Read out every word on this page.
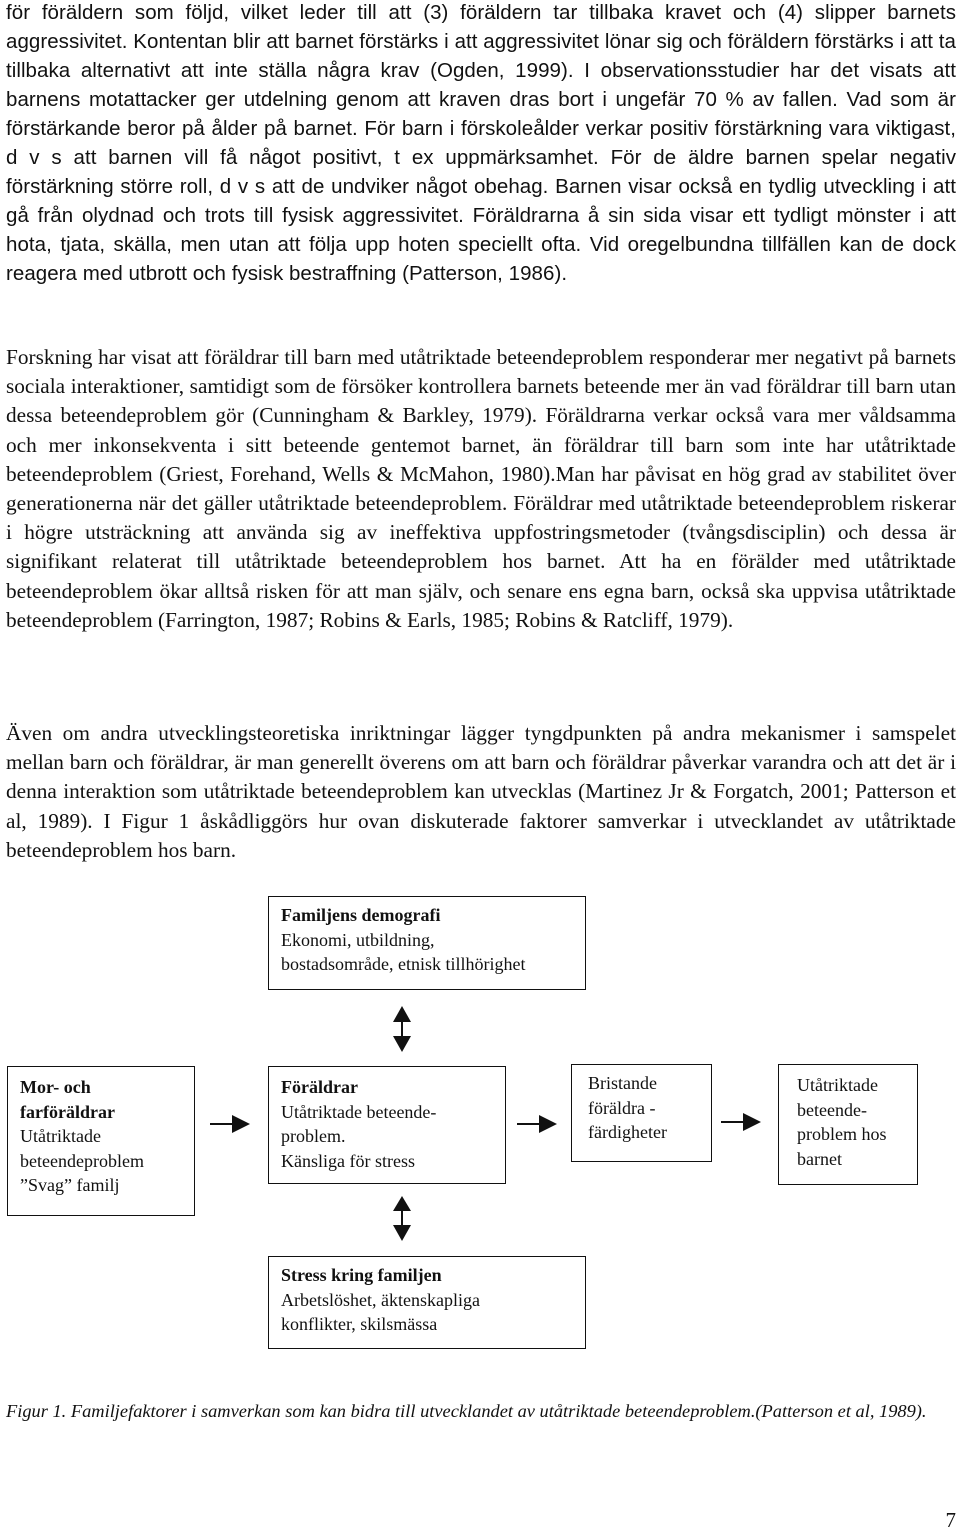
för föräldern som följd, vilket leder till att (3) föräldern tar tillbaka kravet och (4) slipper barnets aggressivitet. Kontentan blir att barnet förstärks i att aggressivitet lönar sig och föräldern förstärks i att ta tillbaka alternativt att inte ställa några krav (Ogden, 1999). I observationsstudier har det visats att barnens motattacker ger utdelning genom att kraven dras bort i ungefär 70 % av fallen. Vad som är förstärkande beror på ålder på barnet. För barn i förskoleålder verkar positiv förstärkning vara viktigast, d v s att barnen vill få något positivt, t ex uppmärksamhet. För de äldre barnen spelar negativ förstärkning större roll, d v s att de undviker något obehag. Barnen visar också en tydlig utveckling i att gå från olydnad och trots till fysisk aggressivitet. Föräldrarna å sin sida visar ett tydligt mönster i att hota, tjata, skälla, men utan att följa upp hoten speciellt ofta. Vid oregelbundna tillfällen kan de dock reagera med utbrott och fysisk bestraffning (Patterson, 1986).

Forskning har visat att föräldrar till barn med utåtriktade beteendeproblem responderar mer negativt på barnets sociala interaktioner, samtidigt som de försöker kontrollera barnets beteende mer än vad föräldrar till barn utan dessa beteendeproblem gör (Cunningham & Barkley, 1979). Föräldrarna verkar också vara mer våldsamma och mer inkonsekventa i sitt beteende gentemot barnet, än föräldrar till barn som inte har utåtriktade beteendeproblem (Griest, Forehand, Wells & McMahon, 1980).Man har påvisat en hög grad av stabilitet över generationerna när det gäller utåtriktade beteendeproblem. Föräldrar med utåtriktade beteendeproblem riskerar i högre utsträckning att använda sig av ineffektiva uppfostringsmetoder (tvångsdisciplin) och dessa är signifikant relaterat till utåtriktade beteendeproblem hos barnet. Att ha en förälder med utåtriktade beteendeproblem ökar alltså risken för att man själv, och senare ens egna barn, också ska uppvisa utåtriktade beteendeproblem (Farrington, 1987; Robins & Earls, 1985; Robins & Ratcliff, 1979).

Även om andra utvecklingsteoretiska inriktningar lägger tyngdpunkten på andra mekanismer i samspelet mellan barn och föräldrar, är man generellt överens om att barn och föräldrar påverkar varandra och att det är i denna interaktion som utåtriktade beteendeproblem kan utvecklas (Martinez Jr & Forgatch, 2001; Patterson et al, 1989). I Figur 1 åskådliggörs hur ovan diskuterade faktorer samverkar i utvecklandet av utåtriktade beteendeproblem hos barn.

Familjens demografi
Ekonomi, utbildning,
bostadsområde, etnisk tillhörighet
Mor- och
farföräldrar
Utåtriktade
beteendeproblem
”Svag” familj
Föräldrar
Utåtriktade beteende-
problem.
Känsliga för stress
Bristande
föräldra -
färdigheter
Utåtriktade
beteende-
problem hos
barnet
Stress kring familjen
Arbetslöshet, äktenskapliga
konflikter, skilsmässa

Figur 1. Familjefaktorer i samverkan som kan bidra till utvecklandet av utåtriktade beteendeproblem.(Patterson et al, 1989).

7
